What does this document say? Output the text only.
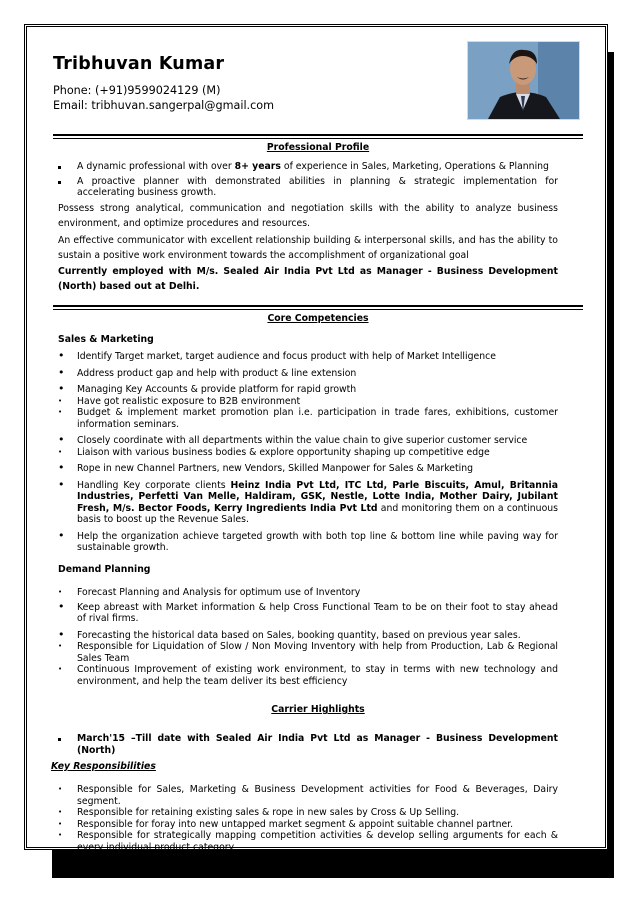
Tribhuvan Kumar
Phone: (+91)9599024129 (M)
Email: tribhuvan.sangerpal@gmail.com
Professional Profile
A dynamic professional with over 8+ years of experience in Sales, Marketing, Operations & Planning
A proactive planner with demonstrated abilities in planning & strategic implementation for accelerating business growth.
Possess strong analytical, communication and negotiation skills with the ability to analyze business environment, and optimize procedures and resources.
An effective communicator with excellent relationship building & interpersonal skills, and has the ability to sustain a positive work environment towards the accomplishment of organizational goal
Currently employed with M/s. Sealed Air India Pvt Ltd as Manager - Business Development (North) based out at Delhi.
Core Competencies
Sales & Marketing
• Identify Target market, target audience and focus product with help of Market Intelligence
• Address product gap and help with product & line extension
• Managing Key Accounts & provide platform for rapid growth
• Have got realistic exposure to B2B environment
• Budget & implement market promotion plan i.e. participation in trade fares, exhibitions, customer information seminars.
• Closely coordinate with all departments within the value chain to give superior customer service
• Liaison with various business bodies & explore opportunity shaping up competitive edge
• Rope in new Channel Partners, new Vendors, Skilled Manpower for Sales & Marketing
• Handling Key corporate clients Heinz India Pvt Ltd, ITC Ltd, Parle Biscuits, Amul, Britannia Industries, Perfetti Van Melle, Haldiram, GSK, Nestle, Lotte India, Mother Dairy, Jubilant Fresh, M/s. Bector Foods, Kerry Ingredients India Pvt Ltd and monitoring them on a continuous basis to boost up the Revenue Sales.
• Help the organization achieve targeted growth with both top line & bottom line while paving way for sustainable growth.
Demand Planning
• Forecast Planning and Analysis for optimum use of Inventory
• Keep abreast with Market information & help Cross Functional Team to be on their foot to stay ahead of rival firms.
• Forecasting the historical data based on Sales, booking quantity, based on previous year sales.
• Responsible for Liquidation of Slow / Non Moving Inventory with help from Production, Lab & Regional Sales Team
• Continuous Improvement of existing work environment, to stay in terms with new technology and environment, and help the team deliver its best efficiency
Carrier Highlights
March'15 –Till date with Sealed Air India Pvt Ltd as Manager - Business Development (North)
Key Responsibilities
• Responsible for Sales, Marketing & Business Development activities for Food & Beverages, Dairy segment.
• Responsible for retaining existing sales & rope in new sales by Cross & Up Selling.
• Responsible for foray into new untapped market segment & appoint suitable channel partner.
• Responsible for strategically mapping competition activities & develop selling arguments for each & every individual product category
